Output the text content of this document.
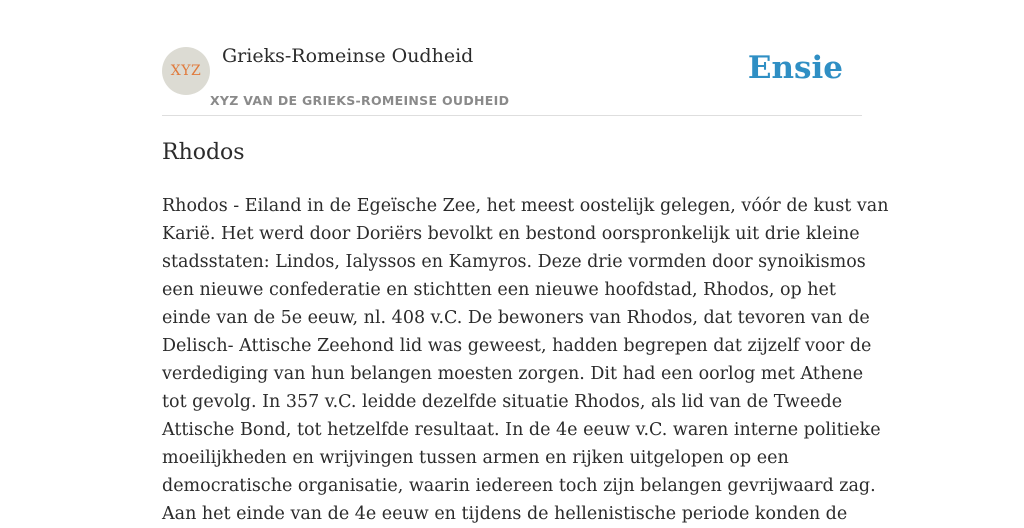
XYZ
Grieks-Romeinse Oudheid
XYZ VAN DE GRIEKS-ROMEINSE OUDHEID
Ensie
Rhodos
Rhodos - Eiland in de Egeïsche Zee, het meest oostelijk gelegen, vóór de kust van
Karië. Het werd door Doriërs bevolkt en bestond oorspronkelijk uit drie kleine
stadsstaten: Lindos, Ialyssos en Kamyros. Deze drie vormden door synoikismos
een nieuwe confederatie en stichtten een nieuwe hoofdstad, Rhodos, op het
einde van de 5e eeuw, nl. 408 v.C. De bewoners van Rhodos, dat tevoren van de
Delisch- Attische Zeehond lid was geweest, hadden begrepen dat zijzelf voor de
verdediging van hun belangen moesten zorgen. Dit had een oorlog met Athene
tot gevolg. In 357 v.C. leidde dezelfde situatie Rhodos, als lid van de Tweede
Attische Bond, tot hetzelfde resultaat. In de 4e eeuw v.C. waren interne politieke
moeilijkheden en wrijvingen tussen armen en rijken uitgelopen op een
democratische organisatie, waarin iedereen toch zijn belangen gevrijwaard zag.
Aan het einde van de 4e eeuw en tijdens de hellenistische periode konden de
